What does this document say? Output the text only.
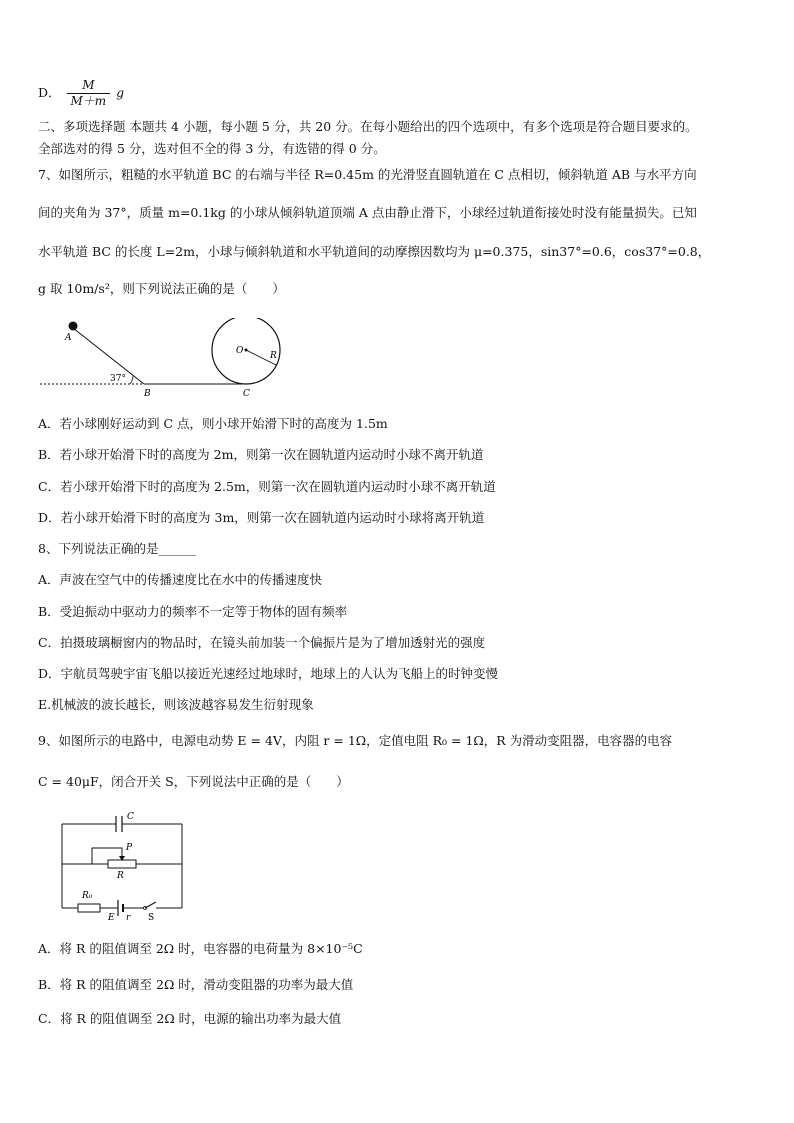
D． $\frac{M}{M+m}$ g
二、多项选择题 本题共 4 小题，每小题 5 分，共 20 分。在每小题给出的四个选项中，有多个选项是符合题目要求的。
全部选对的得 5 分，选对但不全的得 3 分，有选错的得 0 分。
7、如图所示，粗糙的水平轨道 BC 的右端与半径 R=0.45m 的光滑竖直圆轨道在 C 点相切，倾斜轨道 AB 与水平方向
间的夹角为 37°，质量 m=0.1kg 的小球从倾斜轨道顶端 A 点由静止滑下，小球经过轨道衔接处时没有能量损失。已知
水平轨道 BC 的长度 L=2m，小球与倾斜轨道和水平轨道间的动摩擦因数均为 μ=0.375，sin37°=0.6，cos37°=0.8，
g 取 10m/s²，则下列说法正确的是（　　）
A
37°
B	C
O	R
A．若小球刚好运动到 C 点，则小球开始滑下时的高度为 1.5m
B．若小球开始滑下时的高度为 2m，则第一次在圆轨道内运动时小球不离开轨道
C．若小球开始滑下时的高度为 2.5m，则第一次在圆轨道内运动时小球不离开轨道
D．若小球开始滑下时的高度为 3m，则第一次在圆轨道内运动时小球将离开轨道
8、下列说法正确的是______
A．声波在空气中的传播速度比在水中的传播速度快
B．受迫振动中驱动力的频率不一定等于物体的固有频率
C．拍摄玻璃橱窗内的物品时，在镜头前加装一个偏振片是为了增加透射光的强度
D．宇航员驾驶宇宙飞船以接近光速经过地球时，地球上的人认为飞船上的时钟变慢
E.机械波的波长越长，则该波越容易发生衍射现象
9、如图所示的电路中，电源电动势 E = 4V，内阻 r = 1Ω，定值电阻 R₀ = 1Ω，R 为滑动变阻器，电容器的电容
C = 40μF，闭合开关 S，下列说法中正确的是（　　）
C
P
R
R₀
E r S
A．将 R 的阻值调至 2Ω 时，电容器的电荷量为 8×10⁻⁵C
B．将 R 的阻值调至 2Ω 时，滑动变阻器的功率为最大值
C．将 R 的阻值调至 2Ω 时，电源的输出功率为最大值
